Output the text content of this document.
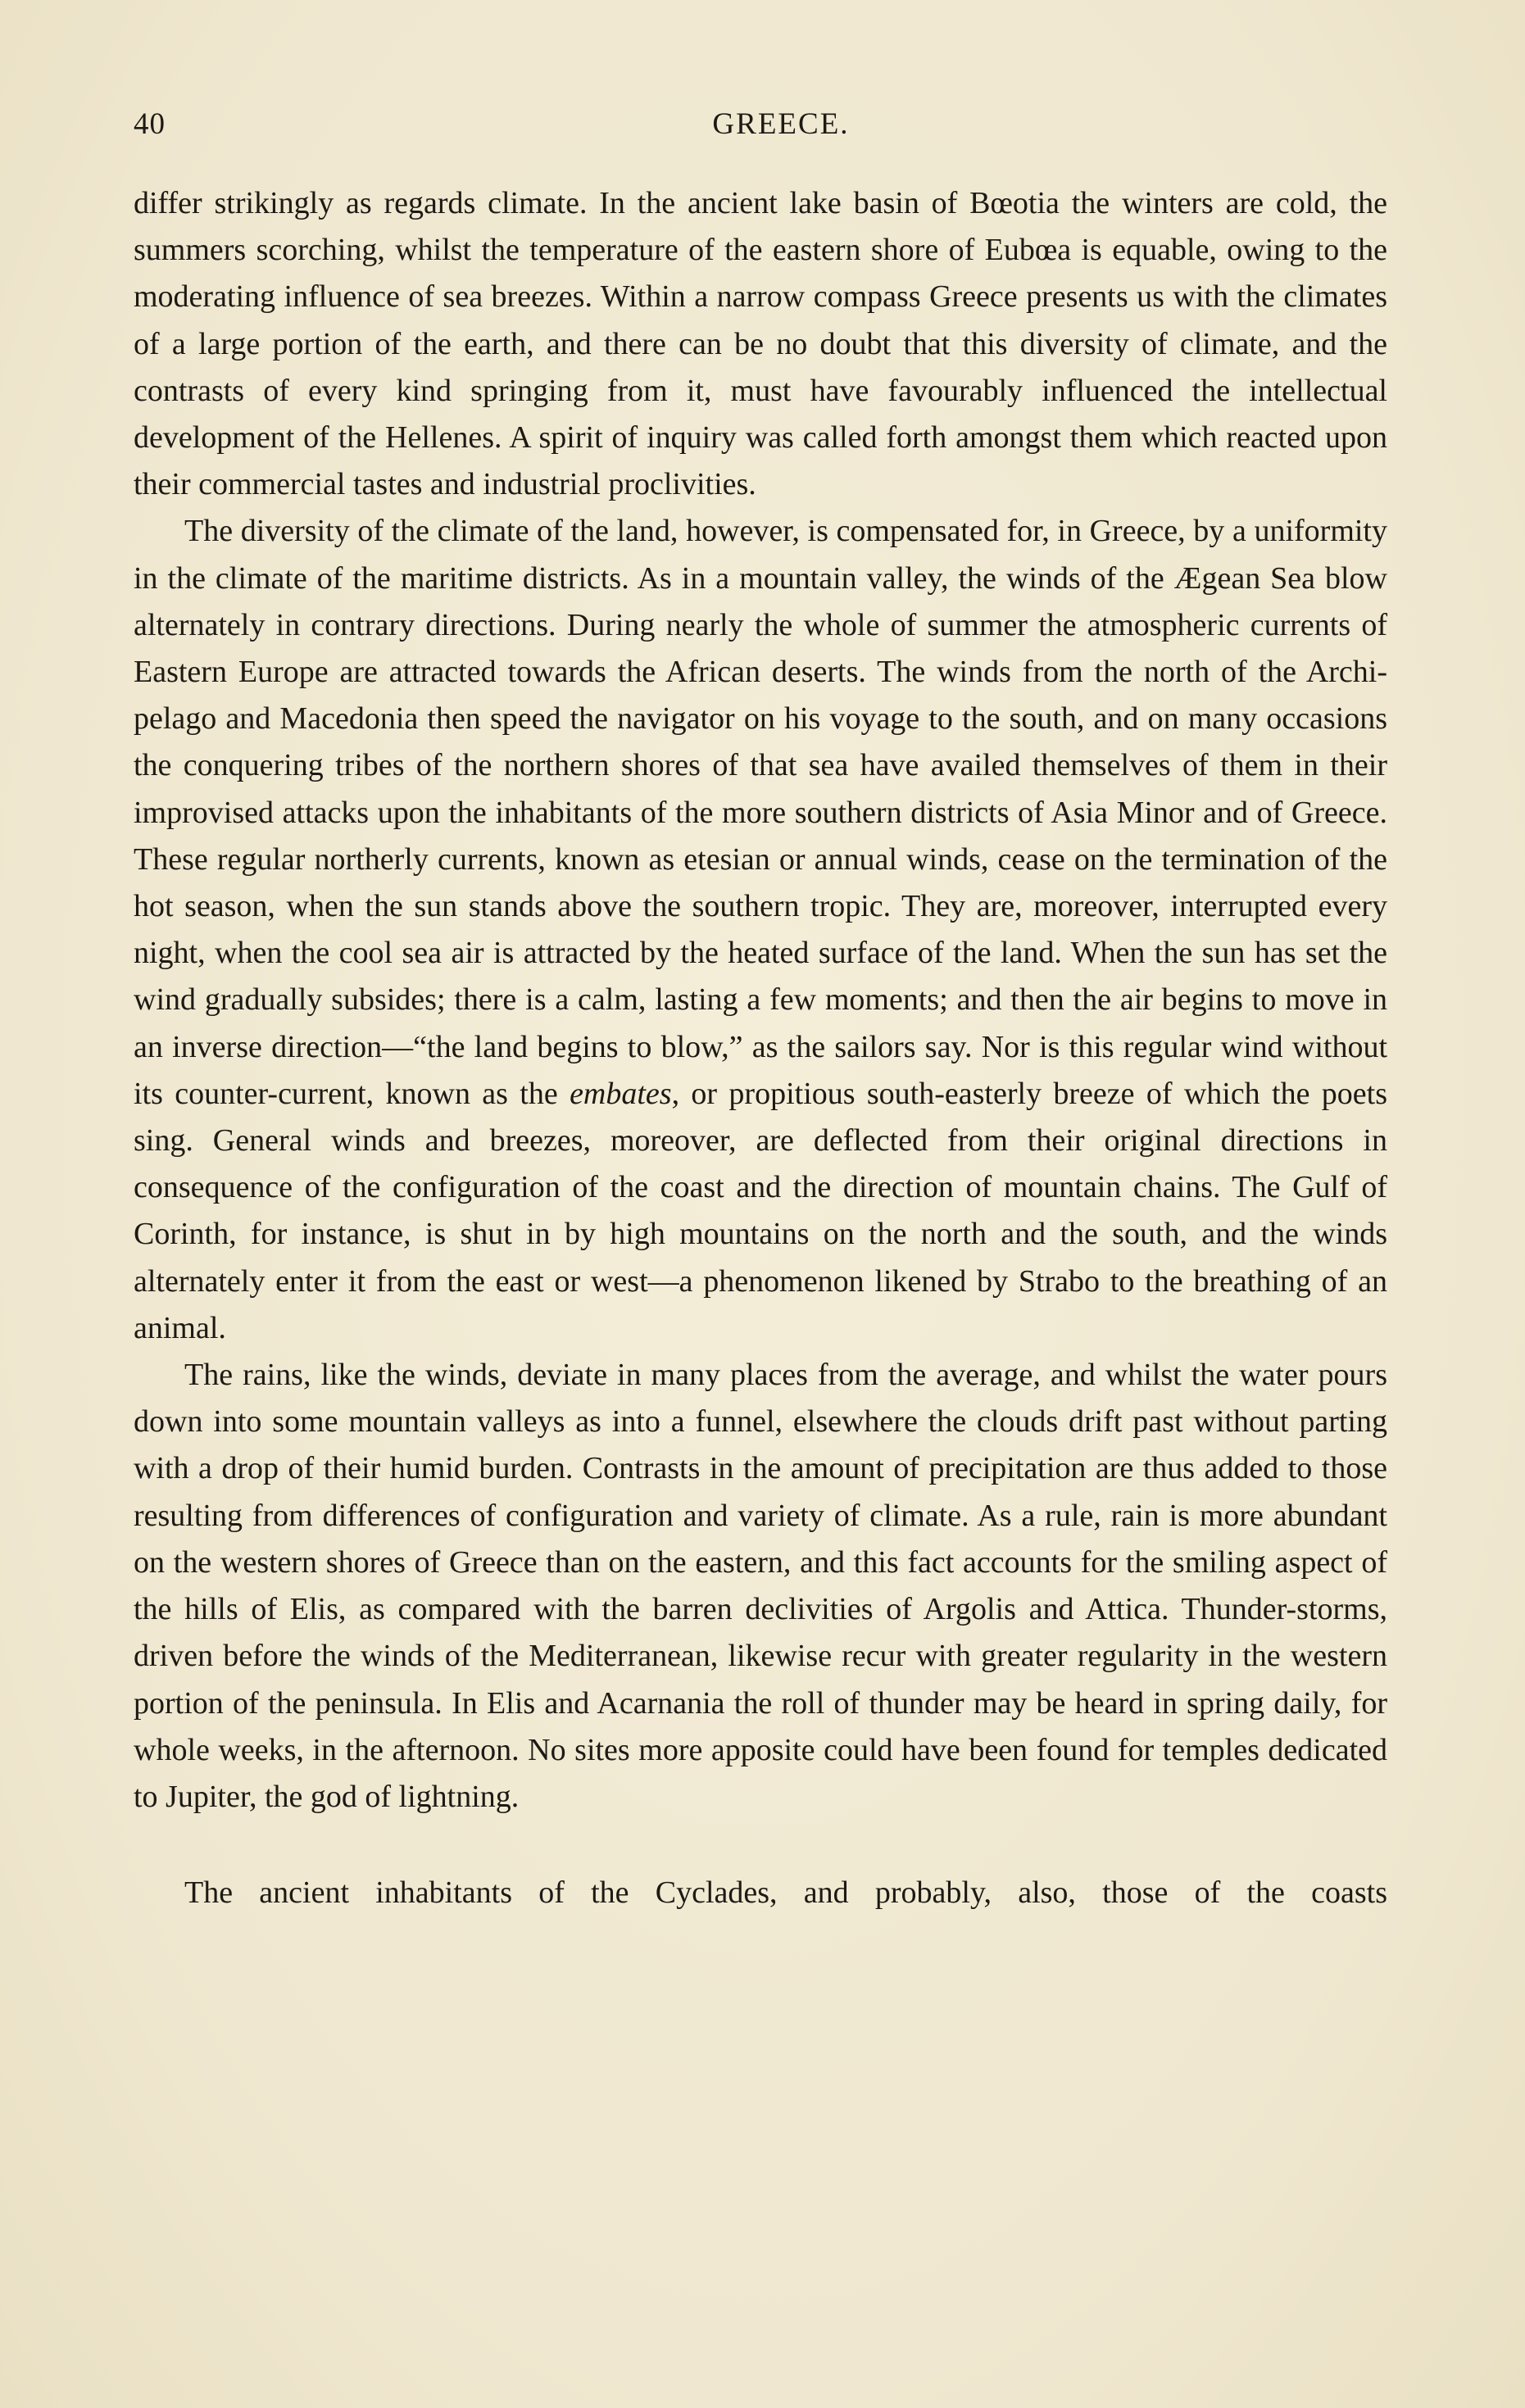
40	GREECE.

differ strikingly as regards climate. In the ancient lake basin of Bœotia the winters are cold, the summers scorching, whilst the temperature of the eastern shore of Eubœa is equable, owing to the moderating influence of sea breezes. Within a narrow compass Greece presents us with the climates of a large portion of the earth, and there can be no doubt that this diversity of climate, and the contrasts of every kind springing from it, must have favourably influenced the intellectual development of the Hellenes. A spirit of inquiry was called forth amongst them which reacted upon their commercial tastes and industrial proclivities.

The diversity of the climate of the land, however, is compensated for, in Greece, by a uniformity in the climate of the maritime districts. As in a mountain valley, the winds of the Ægean Sea blow alternately in contrary directions. During nearly the whole of summer the atmospheric currents of Eastern Europe are attracted towards the African deserts. The winds from the north of the Archi-pelago and Macedonia then speed the navigator on his voyage to the south, and on many occasions the conquering tribes of the northern shores of that sea have availed themselves of them in their improvised attacks upon the inhabitants of the more southern districts of Asia Minor and of Greece. These regular northerly currents, known as etesian or annual winds, cease on the termination of the hot season, when the sun stands above the southern tropic. They are, moreover, interrupted every night, when the cool sea air is attracted by the heated surface of the land. When the sun has set the wind gradually subsides; there is a calm, lasting a few moments; and then the air begins to move in an inverse direction—“the land begins to blow,” as the sailors say. Nor is this regular wind without its counter-current, known as the embates, or propitious south-easterly breeze of which the poets sing. General winds and breezes, moreover, are deflected from their original directions in consequence of the configuration of the coast and the direction of mountain chains. The Gulf of Corinth, for instance, is shut in by high mountains on the north and the south, and the winds alternately enter it from the east or west—a phenomenon likened by Strabo to the breathing of an animal.

The rains, like the winds, deviate in many places from the average, and whilst the water pours down into some mountain valleys as into a funnel, elsewhere the clouds drift past without parting with a drop of their humid burden. Contrasts in the amount of precipitation are thus added to those resulting from differences of configuration and variety of climate. As a rule, rain is more abundant on the western shores of Greece than on the eastern, and this fact accounts for the smiling aspect of the hills of Elis, as compared with the barren declivities of Argolis and Attica. Thunder-storms, driven before the winds of the Mediterranean, likewise recur with greater regularity in the western portion of the peninsula. In Elis and Acarnania the roll of thunder may be heard in spring daily, for whole weeks, in the afternoon. No sites more apposite could have been found for temples dedicated to Jupiter, the god of lightning.

The ancient inhabitants of the Cyclades, and probably, also, those of the coasts
